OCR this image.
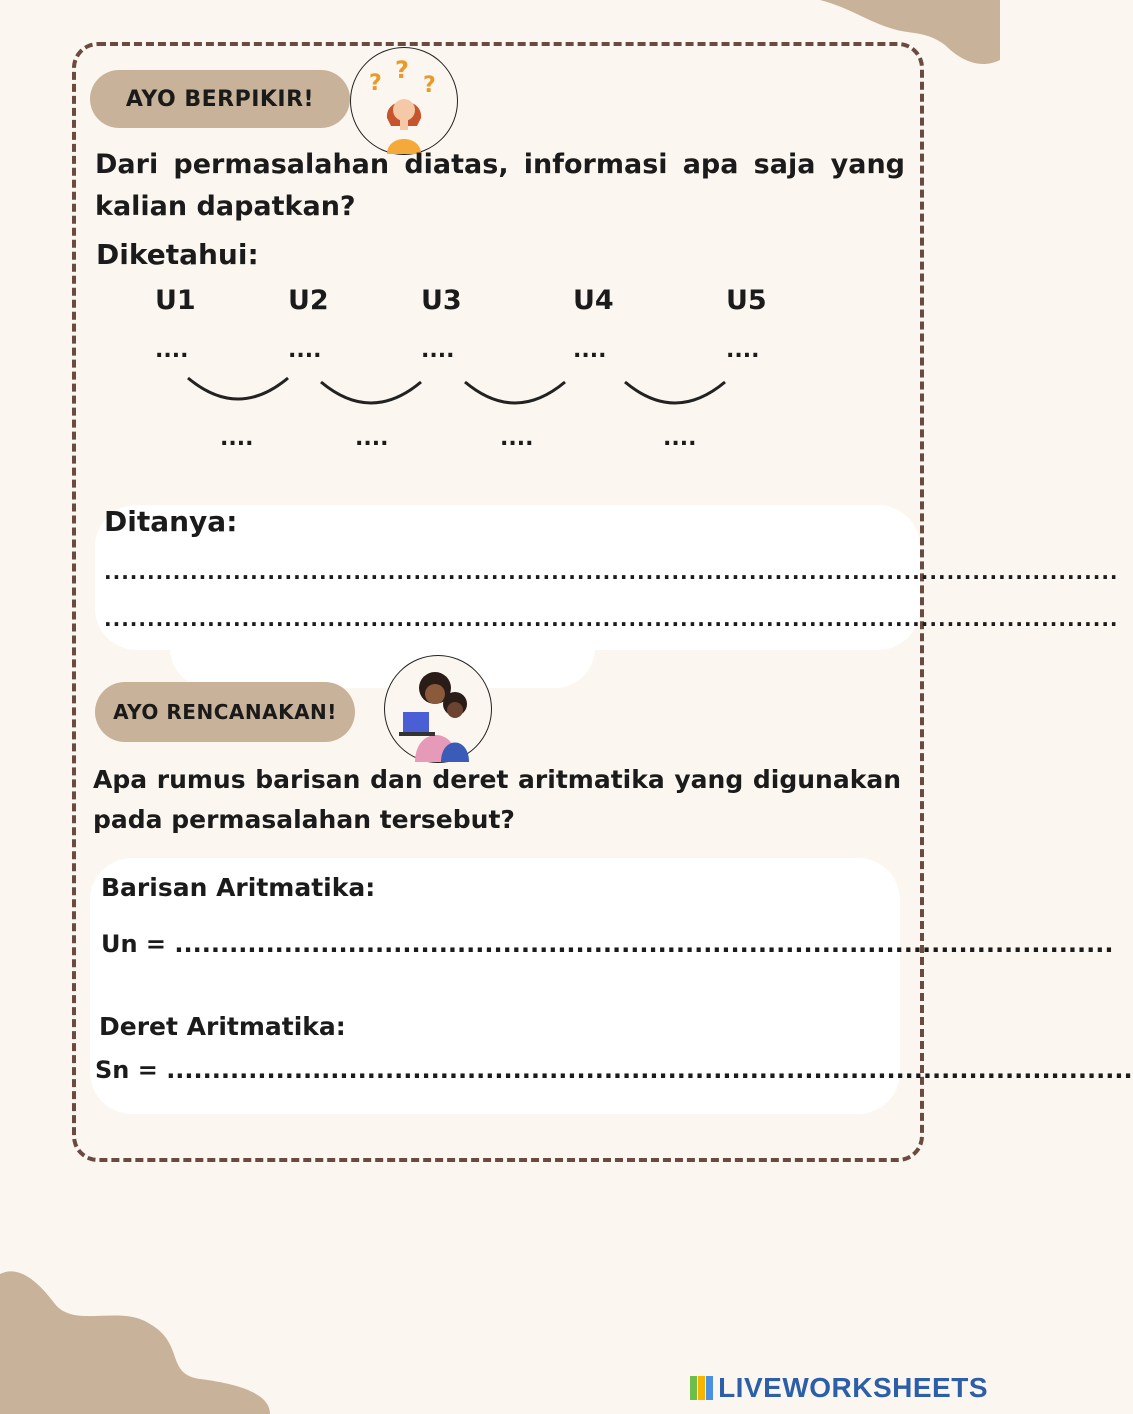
AYO BERPIKIR!
? ?
?
Dari permasalahan diatas, informasi apa saja yang kalian dapatkan?
Diketahui:
U1	U2	U3	U4	U5
....	....	....	....	....
....	....	....	....
Ditanya:
......................................................................................................................
......................................................................................................................
AYO RENCANAKAN!
Apa rumus barisan dan deret aritmatika yang digunakan pada permasalahan tersebut?
Barisan Aritmatika:
Un = .......................................................................................................
Deret Aritmatika:
Sn = ..........................................................................................................
LIVEWORKSHEETS
